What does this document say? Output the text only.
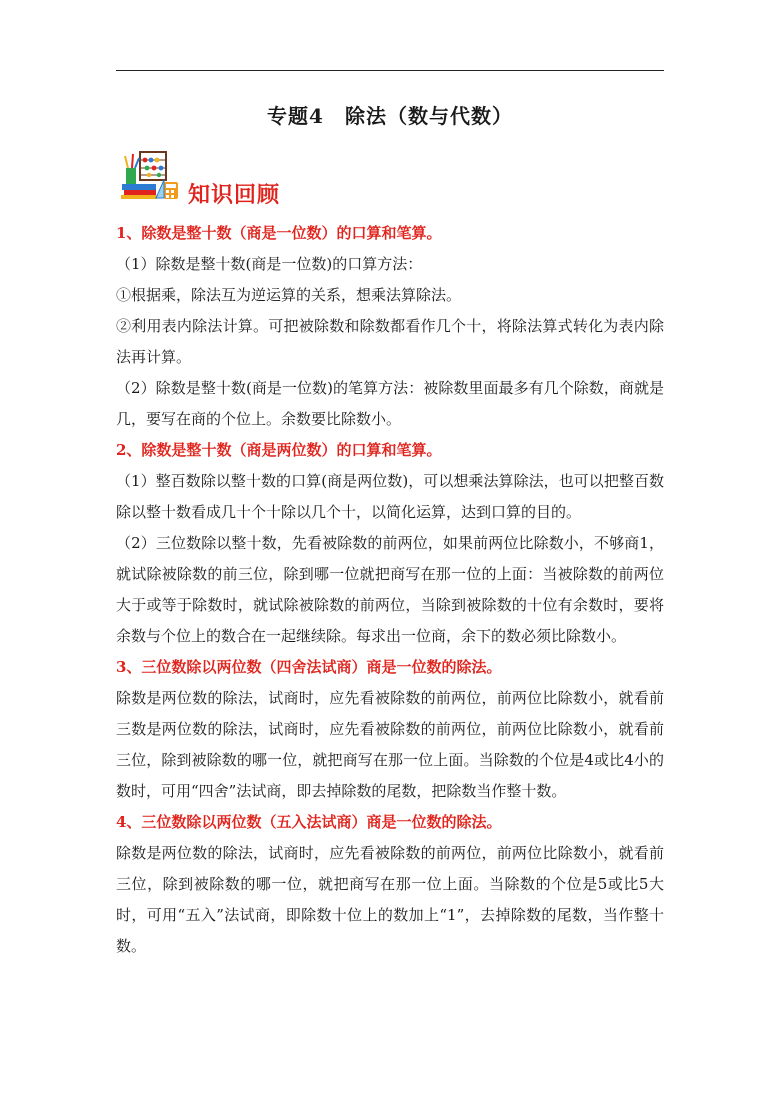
专题4　除法（数与代数）
知识回顾

1、除数是整十数（商是一位数）的口算和笔算。

（1）除数是整十数(商是一位数)的口算方法：

①根据乘，除法互为逆运算的关系，想乘法算除法。

②利用表内除法计算。可把被除数和除数都看作几个十，将除法算式转化为表内除法再计算。

（2）除数是整十数(商是一位数)的笔算方法：被除数里面最多有几个除数，商就是几，要写在商的个位上。余数要比除数小。

2、除数是整十数（商是两位数）的口算和笔算。

（1）整百数除以整十数的口算(商是两位数)，可以想乘法算除法，也可以把整百数除以整十数看成几十个十除以几个十，以简化运算，达到口算的目的。

（2）三位数除以整十数，先看被除数的前两位，如果前两位比除数小，不够商1，就试除被除数的前三位，除到哪一位就把商写在那一位的上面：当被除数的前两位大于或等于除数时，就试除被除数的前两位，当除到被除数的十位有余数时，要将余数与个位上的数合在一起继续除。每求出一位商，余下的数必须比除数小。

3、三位数除以两位数（四舍法试商）商是一位数的除法。

除数是两位数的除法，试商时，应先看被除数的前两位，前两位比除数小，就看前三数是两位数的除法，试商时，应先看被除数的前两位，前两位比除数小，就看前三位，除到被除数的哪一位，就把商写在那一位上面。当除数的个位是4或比4小的数时，可用“四舍”法试商，即去掉除数的尾数，把除数当作整十数。

4、三位数除以两位数（五入法试商）商是一位数的除法。

除数是两位数的除法，试商时，应先看被除数的前两位，前两位比除数小，就看前三位，除到被除数的哪一位，就把商写在那一位上面。当除数的个位是5或比5大时，可用“五入”法试商，即除数十位上的数加上“1”，去掉除数的尾数，当作整十数。
